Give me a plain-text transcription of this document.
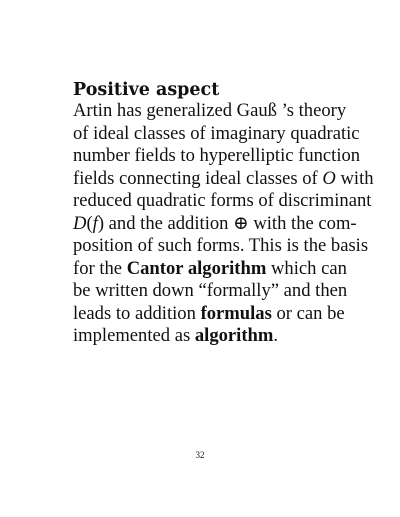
Positive aspect
Artin has generalized Gauß ’s theory
of ideal classes of imaginary quadratic
number fields to hyperelliptic function
fields connecting ideal classes of O with
reduced quadratic forms of discriminant
D(f) and the addition ⊕ with the com-
position of such forms. This is the basis
for the Cantor algorithm which can
be written down “formally” and then
leads to addition formulas or can be
implemented as algorithm.
32
